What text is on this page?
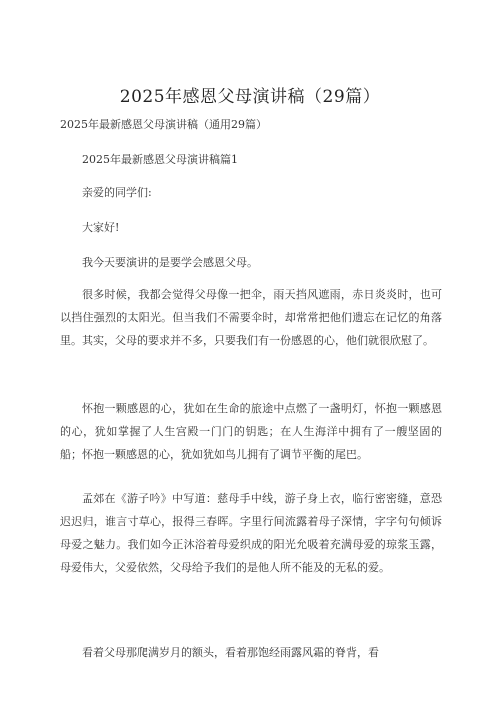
2025年感恩父母演讲稿（29篇）
2025年最新感恩父母演讲稿（通用29篇）
2025年最新感恩父母演讲稿篇1
亲爱的同学们:
大家好!
我今天要演讲的是要学会感恩父母。

很多时候，我都会觉得父母像一把伞，雨天挡风遮雨，赤日炎炎时，也可以挡住强烈的太阳光。但当我们不需要伞时，却常常把他们遗忘在记忆的角落里。其实，父母的要求并不多，只要我们有一份感恩的心，他们就很欣慰了。

怀抱一颗感恩的心，犹如在生命的旅途中点燃了一盏明灯，怀抱一颗感恩的心，犹如掌握了人生宫殿一门门的钥匙；在人生海洋中拥有了一艘坚固的船；怀抱一颗感恩的心，犹如犹如鸟儿拥有了调节平衡的尾巴。

孟郊在《游子吟》中写道：慈母手中线，游子身上衣，临行密密缝，意恐迟迟归，谁言寸草心，报得三春晖。字里行间流露着母子深情，字字句句倾诉母爱之魅力。我们如今正沐浴着母爱织成的阳光允吸着充满母爱的琼浆玉露，母爱伟大，父爱依然，父母给予我们的是他人所不能及的无私的爱。

看着父母那爬满岁月的额头，看着那饱经雨露风霜的脊背，看
